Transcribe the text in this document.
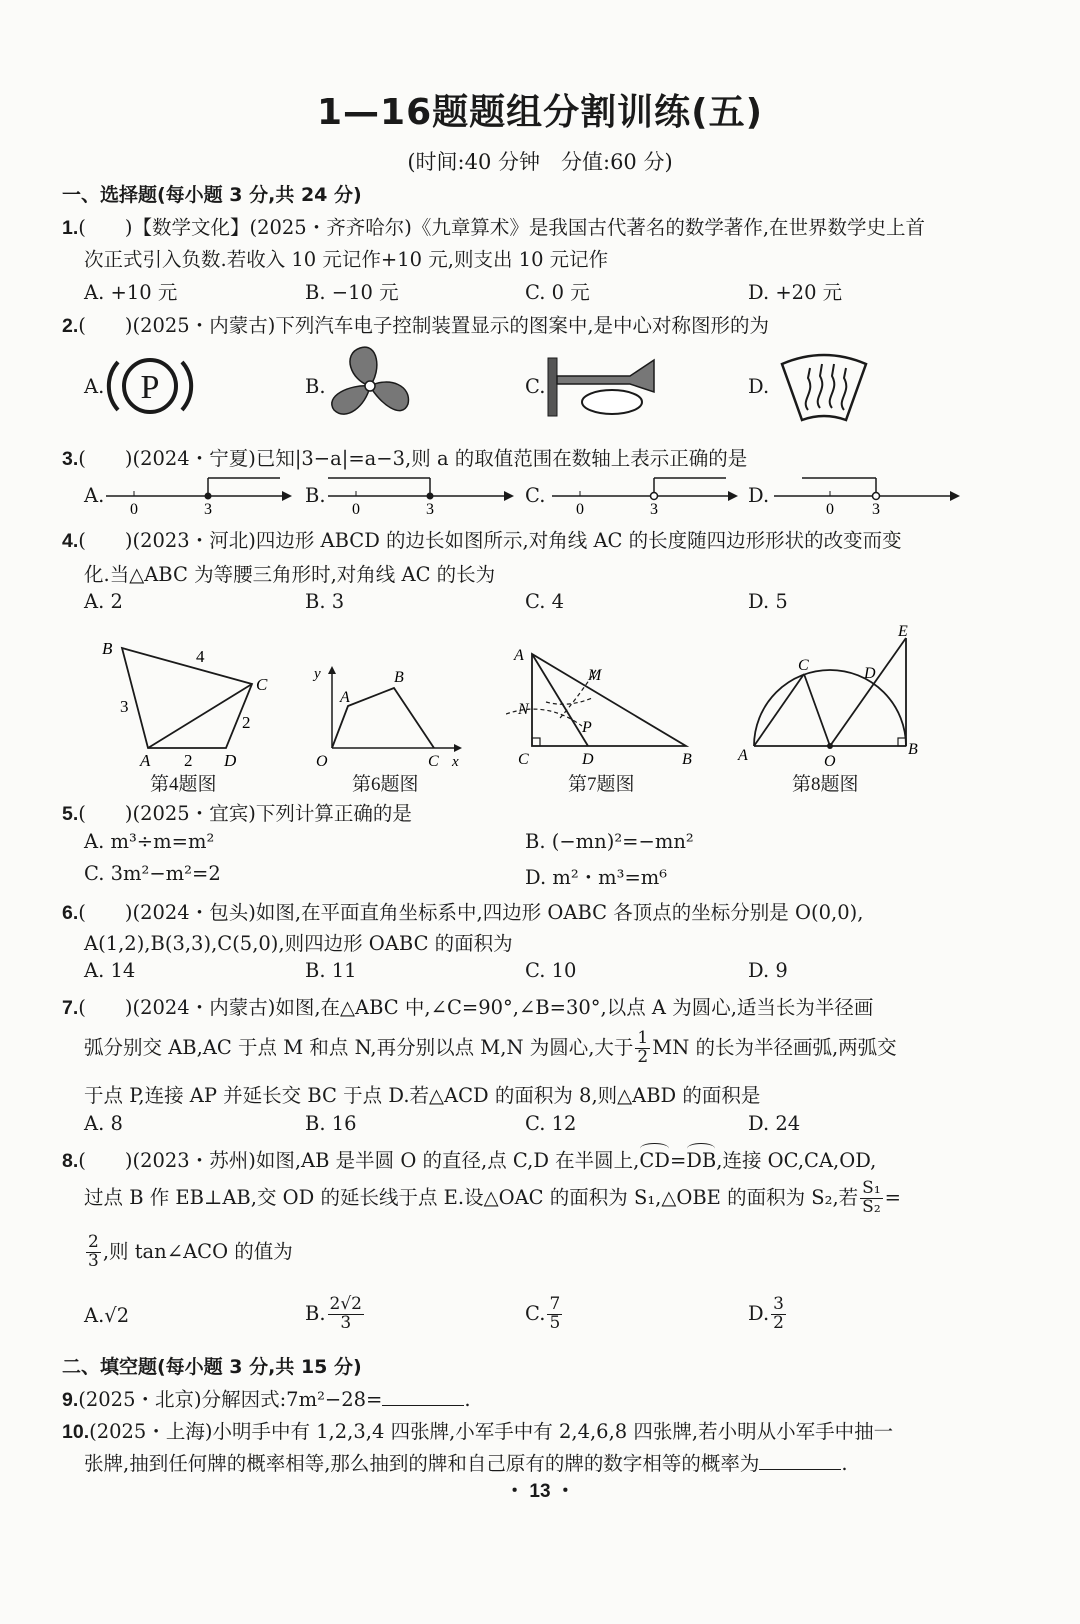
1—16题题组分割训练(五)
(时间:40 分钟　分值:60 分)
一、选择题(每小题 3 分,共 24 分)
1.(　　)【数学文化】(2025・齐齐哈尔)《九章算术》是我国古代著名的数学著作,在世界数学史上首
次正式引入负数.若收入 10 元记作+10 元,则支出 10 元记作
A. +10 元	B. −10 元	C. 0 元	D. +20 元
2.(　　)(2025・内蒙古)下列汽车电子控制装置显示的图案中,是中心对称图形的为
A. P	B.	C.	D.
3.(　　)(2024・宁夏)已知|3−a|=a−3,则 a 的取值范围在数轴上表示正确的是
A.
0	3
B.
0	3
C.
0	3
D.
0 3
4.(　　)(2023・河北)四边形 ABCD 的边长如图所示,对角线 AC 的长度随四边形形状的改变而变
化.当△ABC 为等腰三角形时,对角线 AC 的长为
A. 2	B. 3	C. 4	D. 5
B
C
A	D
4
3
2
2
第4题图
y
x
O
A
B
C
第6题图
A
M
N
P
C	D	B
第7题图
E
C	D
A	O
B
第8题图
5.(　　)(2025・宜宾)下列计算正确的是
A. m³÷m=m²	B. (−mn)²=−mn²
C. 3m²−m²=2	D. m²・m³=m⁶
6.(　　)(2024・包头)如图,在平面直角坐标系中,四边形 OABC 各顶点的坐标分别是 O(0,0),
A(1,2),B(3,3),C(5,0),则四边形 OABC 的面积为
A. 14	B. 11	C. 10	D. 9
7.(　　)(2024・内蒙古)如图,在△ABC 中,∠C=90°,∠B=30°,以点 A 为圆心,适当长为半径画
弧分别交 AB,AC 于点 M 和点 N,再分别以点 M,N 为圆心,大于 $\frac{1}{2}$ MN 的长为半径画弧,两弧交
于点 P,连接 AP 并延长交 BC 于点 D.若△ACD 的面积为 8,则△ABD 的面积是
A. 8	B. 16	C. 12	D. 24
8.(　　)(2023・苏州)如图,AB 是半圆 O 的直径,点 C,D 在半圆上,CD=DB,连接 OC,CA,OD,
过点 B 作 EB⊥AB,交 OD 的延长线于点 E.设△OAC 的面积为 S₁,△OBE 的面积为 S₂,若 $\frac{\text{S₁}}{\text{S₂}}$ =
$\frac{2}{3}$ ,则 tan∠ACO 的值为
A.√2	B. $\frac{2√2}{3}$	C. $\frac{7}{5}$	D. $\frac{3}{2}$
二、填空题(每小题 3 分,共 15 分)
9.(2025・北京)分解因式:7m²−28=	.
10.(2025・上海)小明手中有 1,2,3,4 四张牌,小军手中有 2,4,6,8 四张牌,若小明从小军手中抽一
张牌,抽到任何牌的概率相等,那么抽到的牌和自己原有的牌的数字相等的概率为	.
・ 13 ・
